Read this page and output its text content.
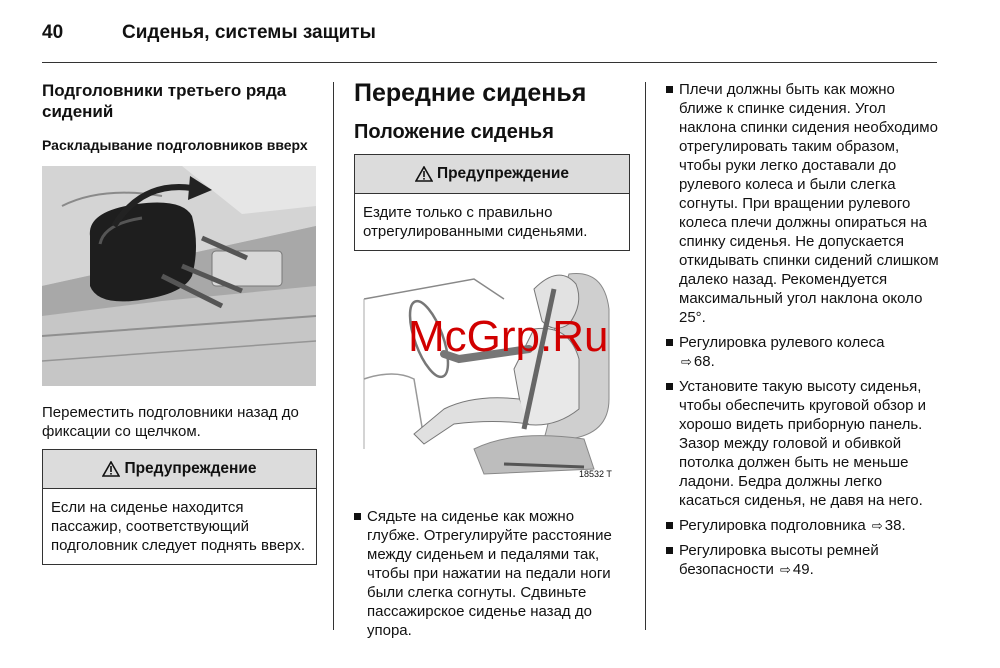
40	Сиденья, системы защиты
Подголовники третьего ряда сидений
Раскладывание подголовников вверх

Переместить подголовники назад до фиксации со щелчком.

Предупреждение
Если на сиденье находится пассажир, соответствующий подголовник следует поднять вверх.
Передние сиденья
Положение сиденья
Предупреждение
Ездите только с правильно отрегулированными сиденьями.
18532 T
Сядьте на сиденье как можно глубже. Отрегулируйте расстояние между сиденьем и педалями так, чтобы при нажатии на педали ноги были слегка согнуты. Сдвиньте пассажирское сиденье назад до упора.
Плечи должны быть как можно ближе к спинке сидения. Угол наклона спинки сидения необходимо отрегулировать таким образом, чтобы руки легко доставали до рулевого колеса и были слегка согнуты. При вращении рулевого колеса плечи должны опираться на спинку сиденья. Не допускается откидывать спинки сидений слишком далеко назад. Рекомендуется максимальный угол наклона около 25°.
Регулировка рулевого колеса
⇨ 68.
Установите такую высоту сиденья, чтобы обеспечить круговой обзор и хорошо видеть приборную панель. Зазор между головой и обивкой потолка должен быть не меньше ладони. Бедра должны легко касаться сиденья, не давя на него.
Регулировка подголовника ⇨ 38.
Регулировка высоты ремней безопасности ⇨ 49.
McGrp.Ru
